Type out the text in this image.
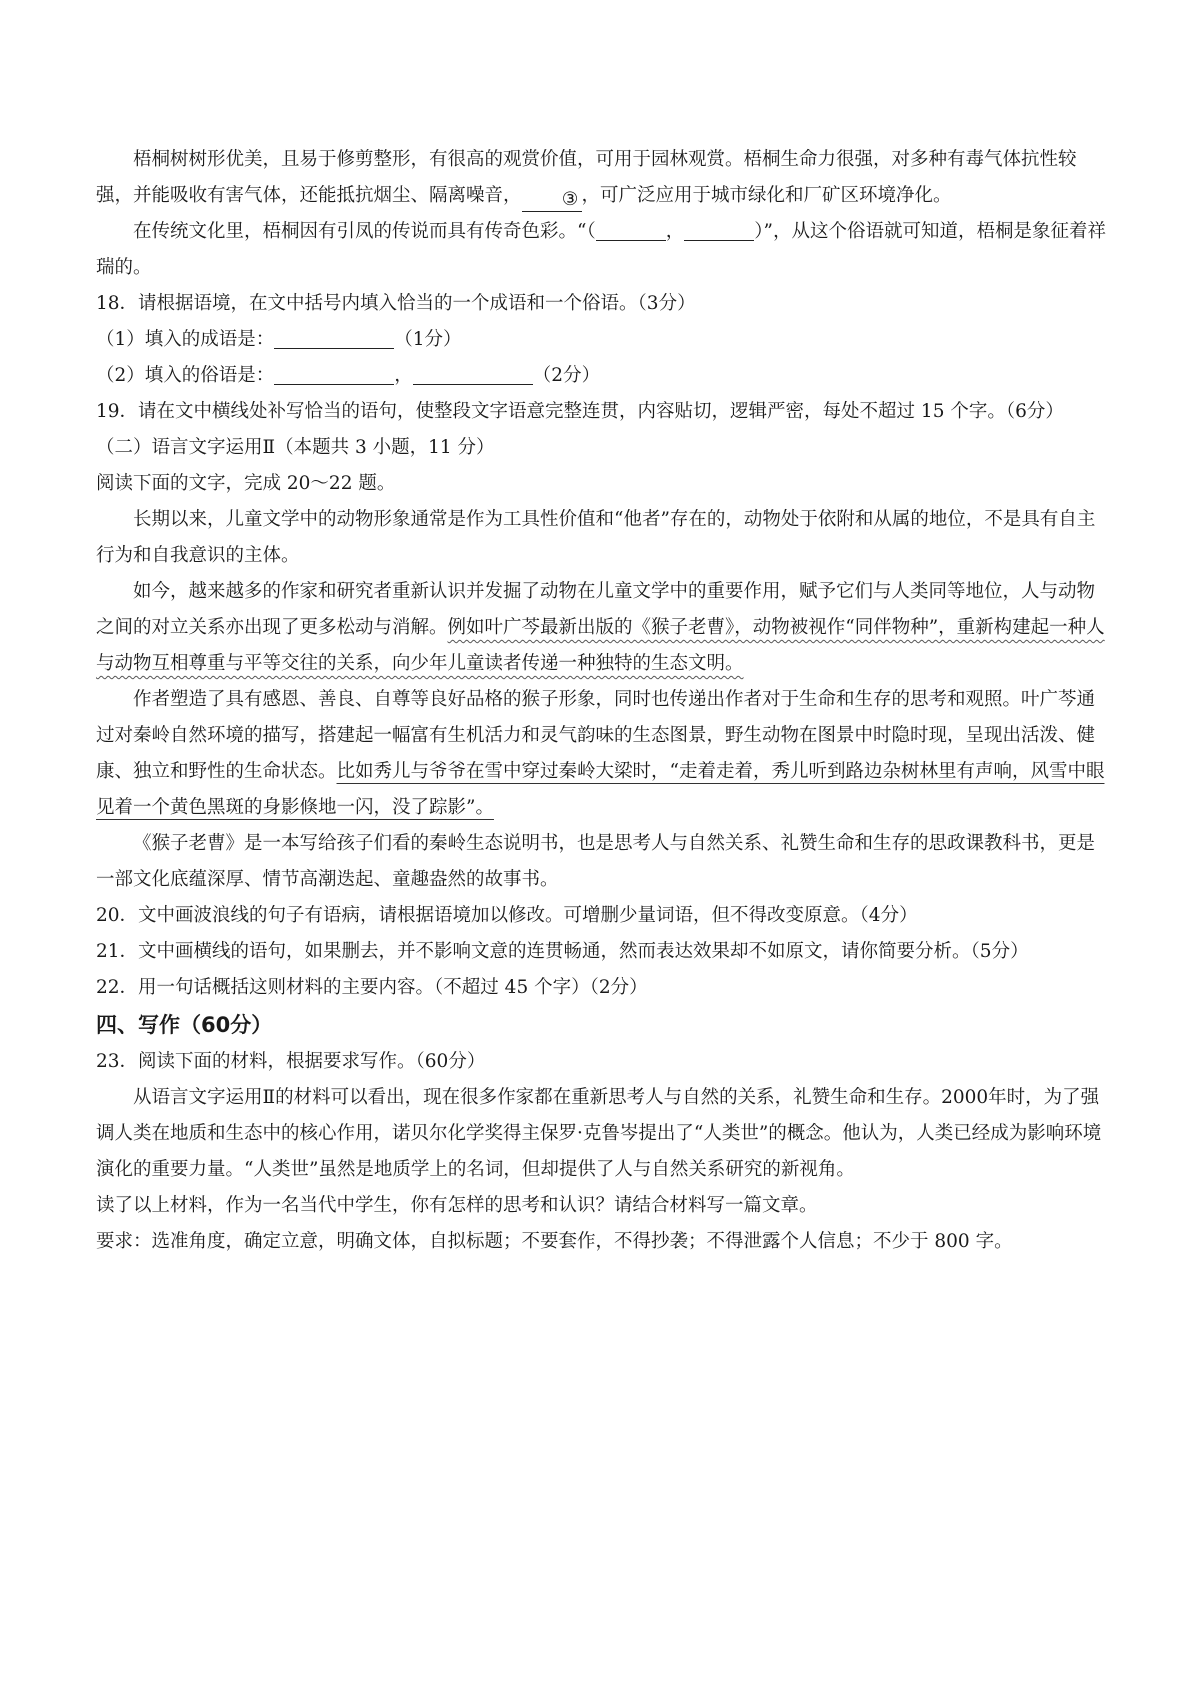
梧桐树树形优美，且易于修剪整形，有很高的观赏价值，可用于园林观赏。梧桐生命力很强，对多种有毒气体抗性较强，并能吸收有害气体，还能抵抗烟尘、隔离噪音， ③ ，可广泛应用于城市绿化和厂矿区环境净化。

在传统文化里，梧桐因有引凤的传说而具有传奇色彩。“（	，	）”，从这个俗语就可知道，梧桐是象征着祥瑞的。

18．请根据语境，在文中括号内填入恰当的一个成语和一个俗语。（3分）

（1）填入的成语是：	（1分）

（2）填入的俗语是：	，	（2分）

19．请在文中横线处补写恰当的语句，使整段文字语意完整连贯，内容贴切，逻辑严密，每处不超过 15 个字。（6分）

（二）语言文字运用Ⅱ（本题共 3 小题，11 分）

阅读下面的文字，完成 20～22 题。

长期以来，儿童文学中的动物形象通常是作为工具性价值和“他者”存在的，动物处于依附和从属的地位，不是具有自主行为和自我意识的主体。

如今，越来越多的作家和研究者重新认识并发掘了动物在儿童文学中的重要作用，赋予它们与人类同等地位，人与动物之间的对立关系亦出现了更多松动与消解。例如叶广芩最新出版的《猴子老曹》，动物被视作“同伴物种”，重新构建起一种人与动物互相尊重与平等交往的关系，向少年儿童读者传递一种独特的生态文明。

作者塑造了具有感恩、善良、自尊等良好品格的猴子形象，同时也传递出作者对于生命和生存的思考和观照。叶广芩通过对秦岭自然环境的描写，搭建起一幅富有生机活力和灵气韵味的生态图景，野生动物在图景中时隐时现，呈现出活泼、健康、独立和野性的生命状态。比如秀儿与爷爷在雪中穿过秦岭大梁时，“走着走着，秀儿听到路边杂树林里有声响，风雪中眼见着一个黄色黑斑的身影倏地一闪，没了踪影”。

《猴子老曹》是一本写给孩子们看的秦岭生态说明书，也是思考人与自然关系、礼赞生命和生存的思政课教科书，更是一部文化底蕴深厚、情节高潮迭起、童趣盎然的故事书。

20．文中画波浪线的句子有语病，请根据语境加以修改。可增删少量词语，但不得改变原意。（4分）

21．文中画横线的语句，如果删去，并不影响文意的连贯畅通，然而表达效果却不如原文，请你简要分析。（5分）

22．用一句话概括这则材料的主要内容。（不超过 45 个字）（2分）

四、写作（60分）

23．阅读下面的材料，根据要求写作。（60分）

从语言文字运用Ⅱ的材料可以看出，现在很多作家都在重新思考人与自然的关系，礼赞生命和生存。2000年时，为了强调人类在地质和生态中的核心作用，诺贝尔化学奖得主保罗·克鲁岑提出了“人类世”的概念。他认为，人类已经成为影响环境演化的重要力量。“人类世”虽然是地质学上的名词，但却提供了人与自然关系研究的新视角。

读了以上材料，作为一名当代中学生，你有怎样的思考和认识？请结合材料写一篇文章。

要求：选准角度，确定立意，明确文体，自拟标题；不要套作，不得抄袭；不得泄露个人信息；不少于 800 字。
